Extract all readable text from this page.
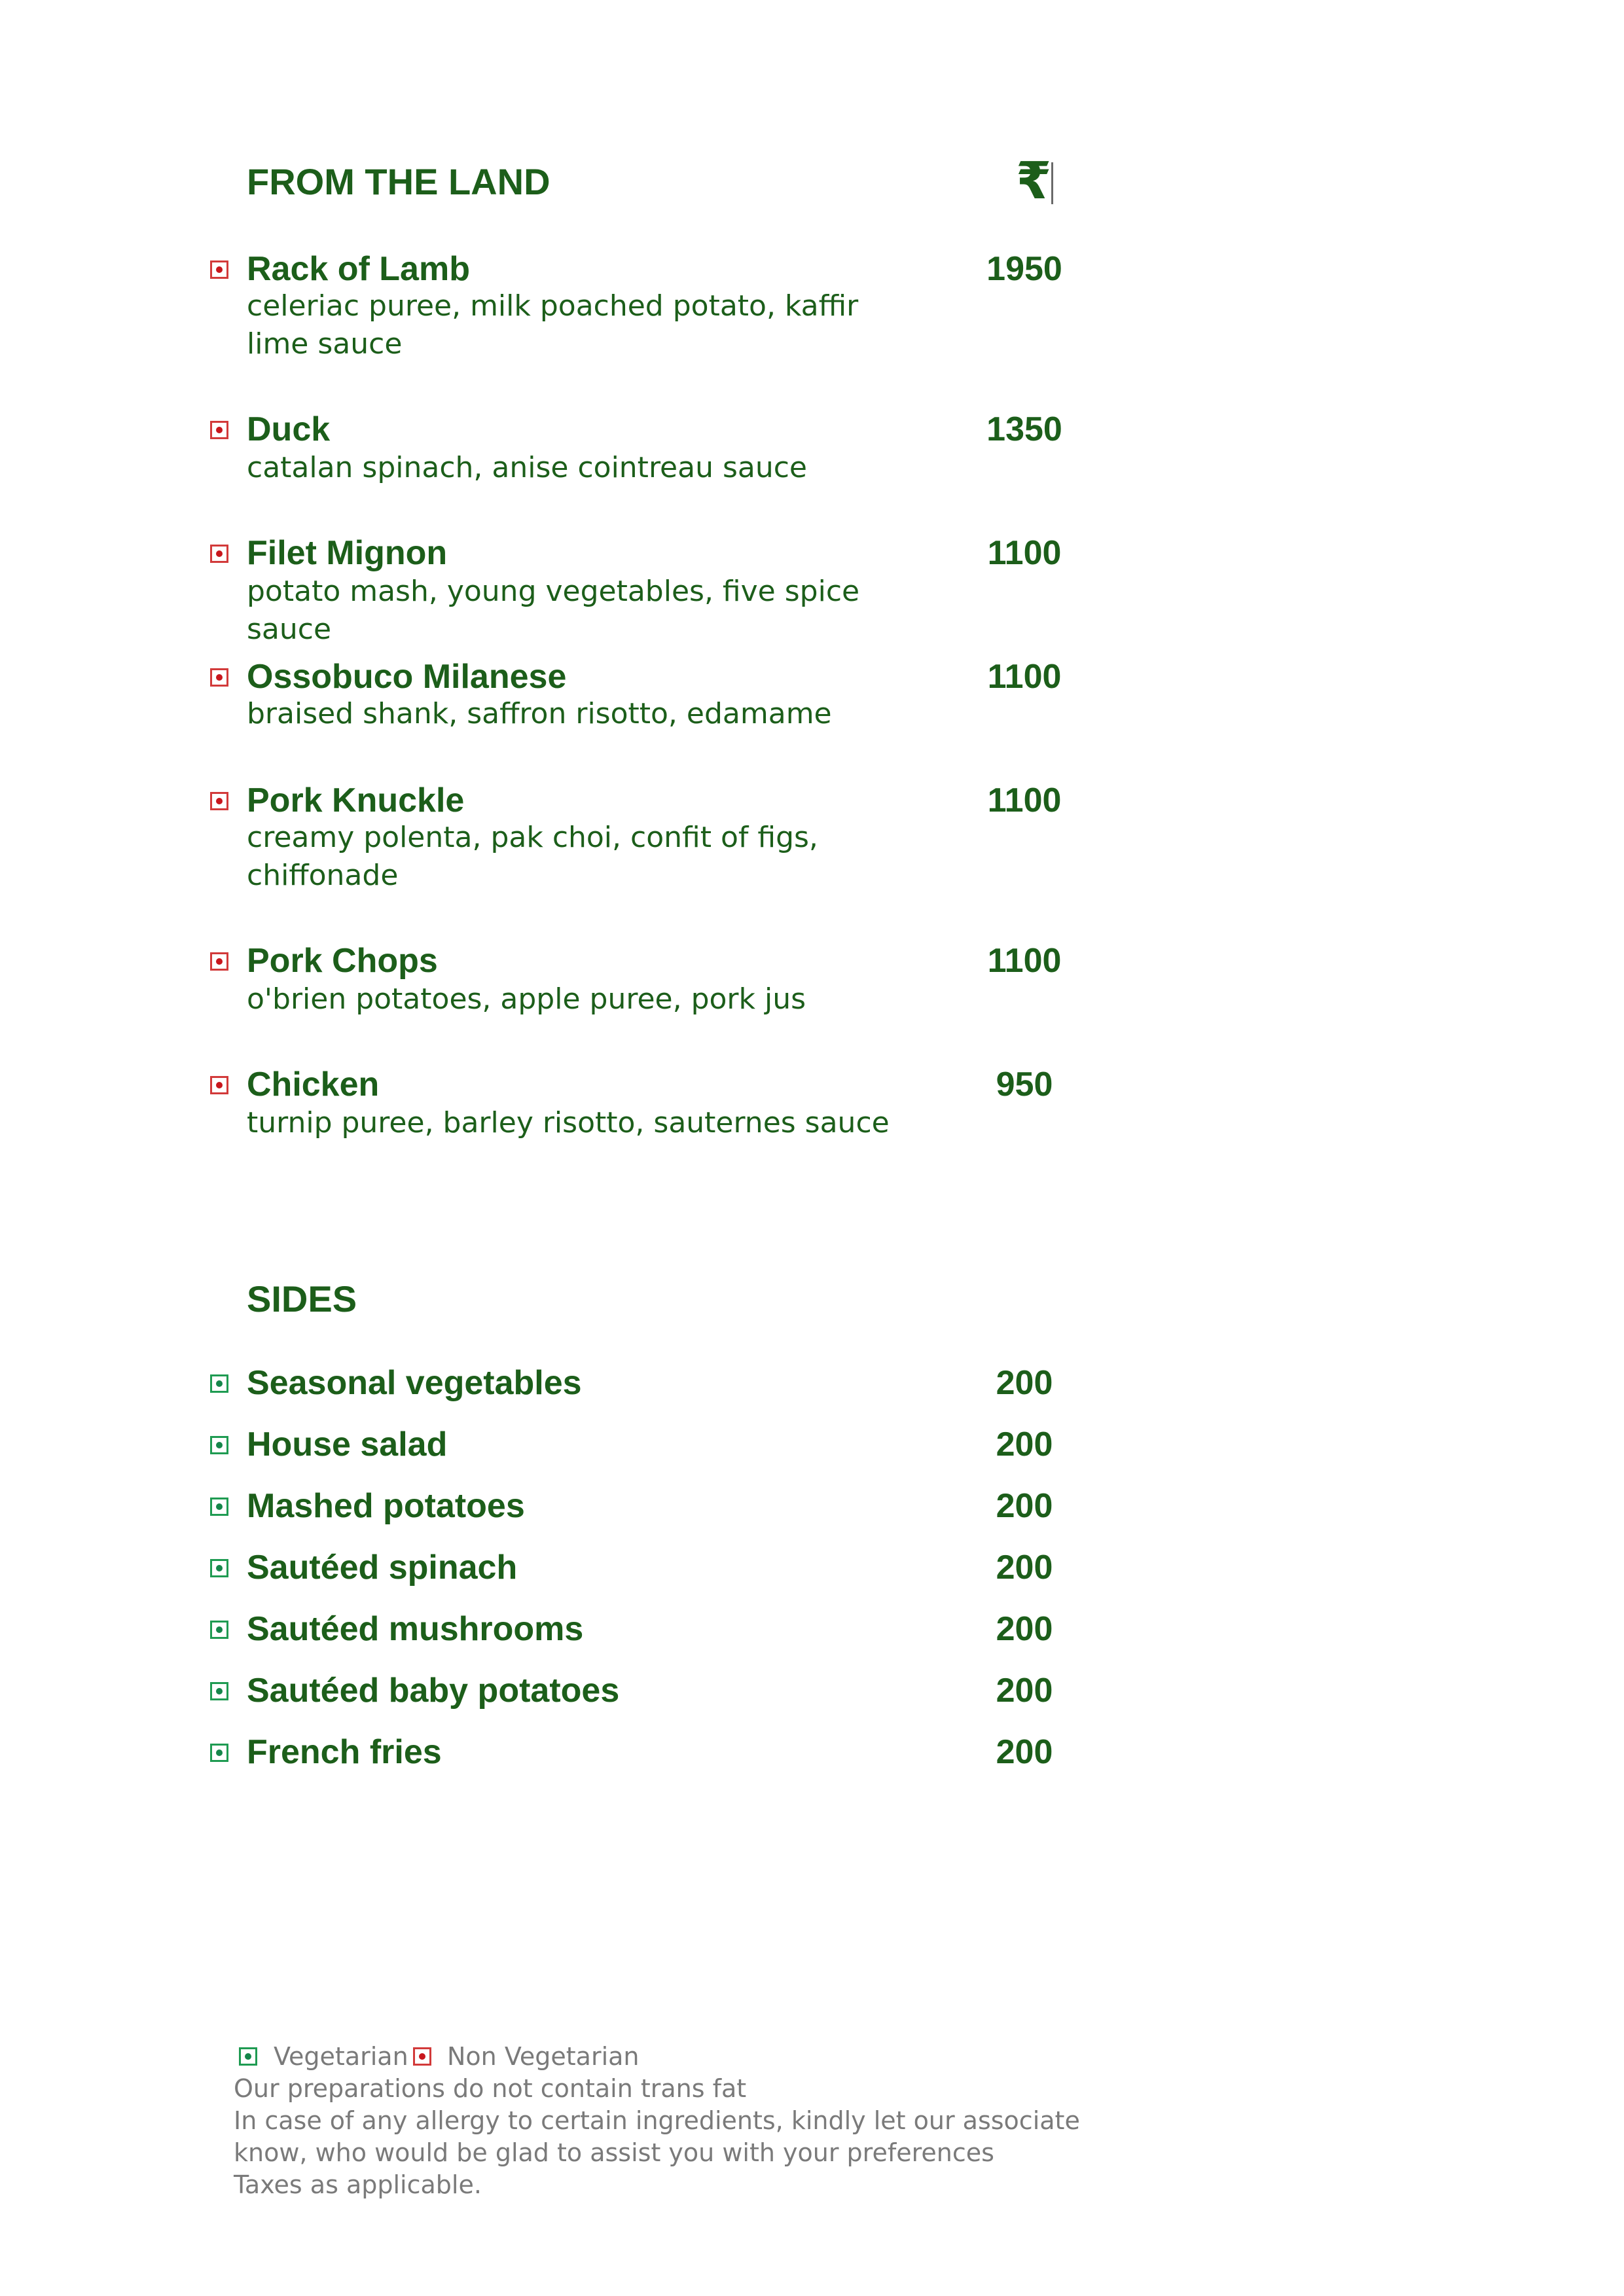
FROM THE LAND	₹
Rack of Lamb	1950
celeriac puree, milk poached potato, kaffir lime sauce
Duck	1350
catalan spinach, anise cointreau sauce
Filet Mignon	1100
potato mash, young vegetables, five spice sauce
Ossobuco Milanese	1100
braised shank, saffron risotto, edamame
Pork Knuckle	1100
creamy polenta, pak choi, confit of figs, chiffonade
Pork Chops	1100
o'brien potatoes, apple puree, pork jus
Chicken	950
turnip puree, barley risotto, sauternes sauce
SIDES
Seasonal vegetables	200
House salad	200
Mashed potatoes	200
Sautéed spinach	200
Sautéed mushrooms	200
Sautéed baby potatoes	200
French fries	200
Vegetarian Non Vegetarian
Our preparations do not contain trans fat
In case of any allergy to certain ingredients, kindly let our associate
know, who would be glad to assist you with your preferences
Taxes as applicable.
